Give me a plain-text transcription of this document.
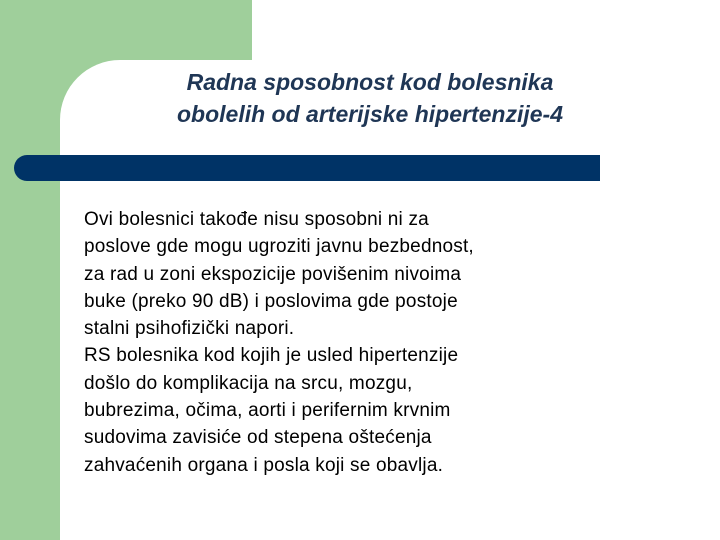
Radna sposobnost kod bolesnika
obolelih od arterijske hipertenzije-4

Ovi bolesnici takođe nisu sposobni ni za
poslove gde mogu ugroziti javnu bezbednost,
za rad u zoni ekspozicije povišenim nivoima
buke (preko 90 dB) i poslovima gde postoje
stalni psihofizički napori.

RS bolesnika kod kojih je usled hipertenzije
došlo do komplikacija na srcu, mozgu,
bubrezima, očima, aorti i perifernim krvnim
sudovima zavisiće od stepena oštećenja
zahvaćenih organa i posla koji se obavlja.
